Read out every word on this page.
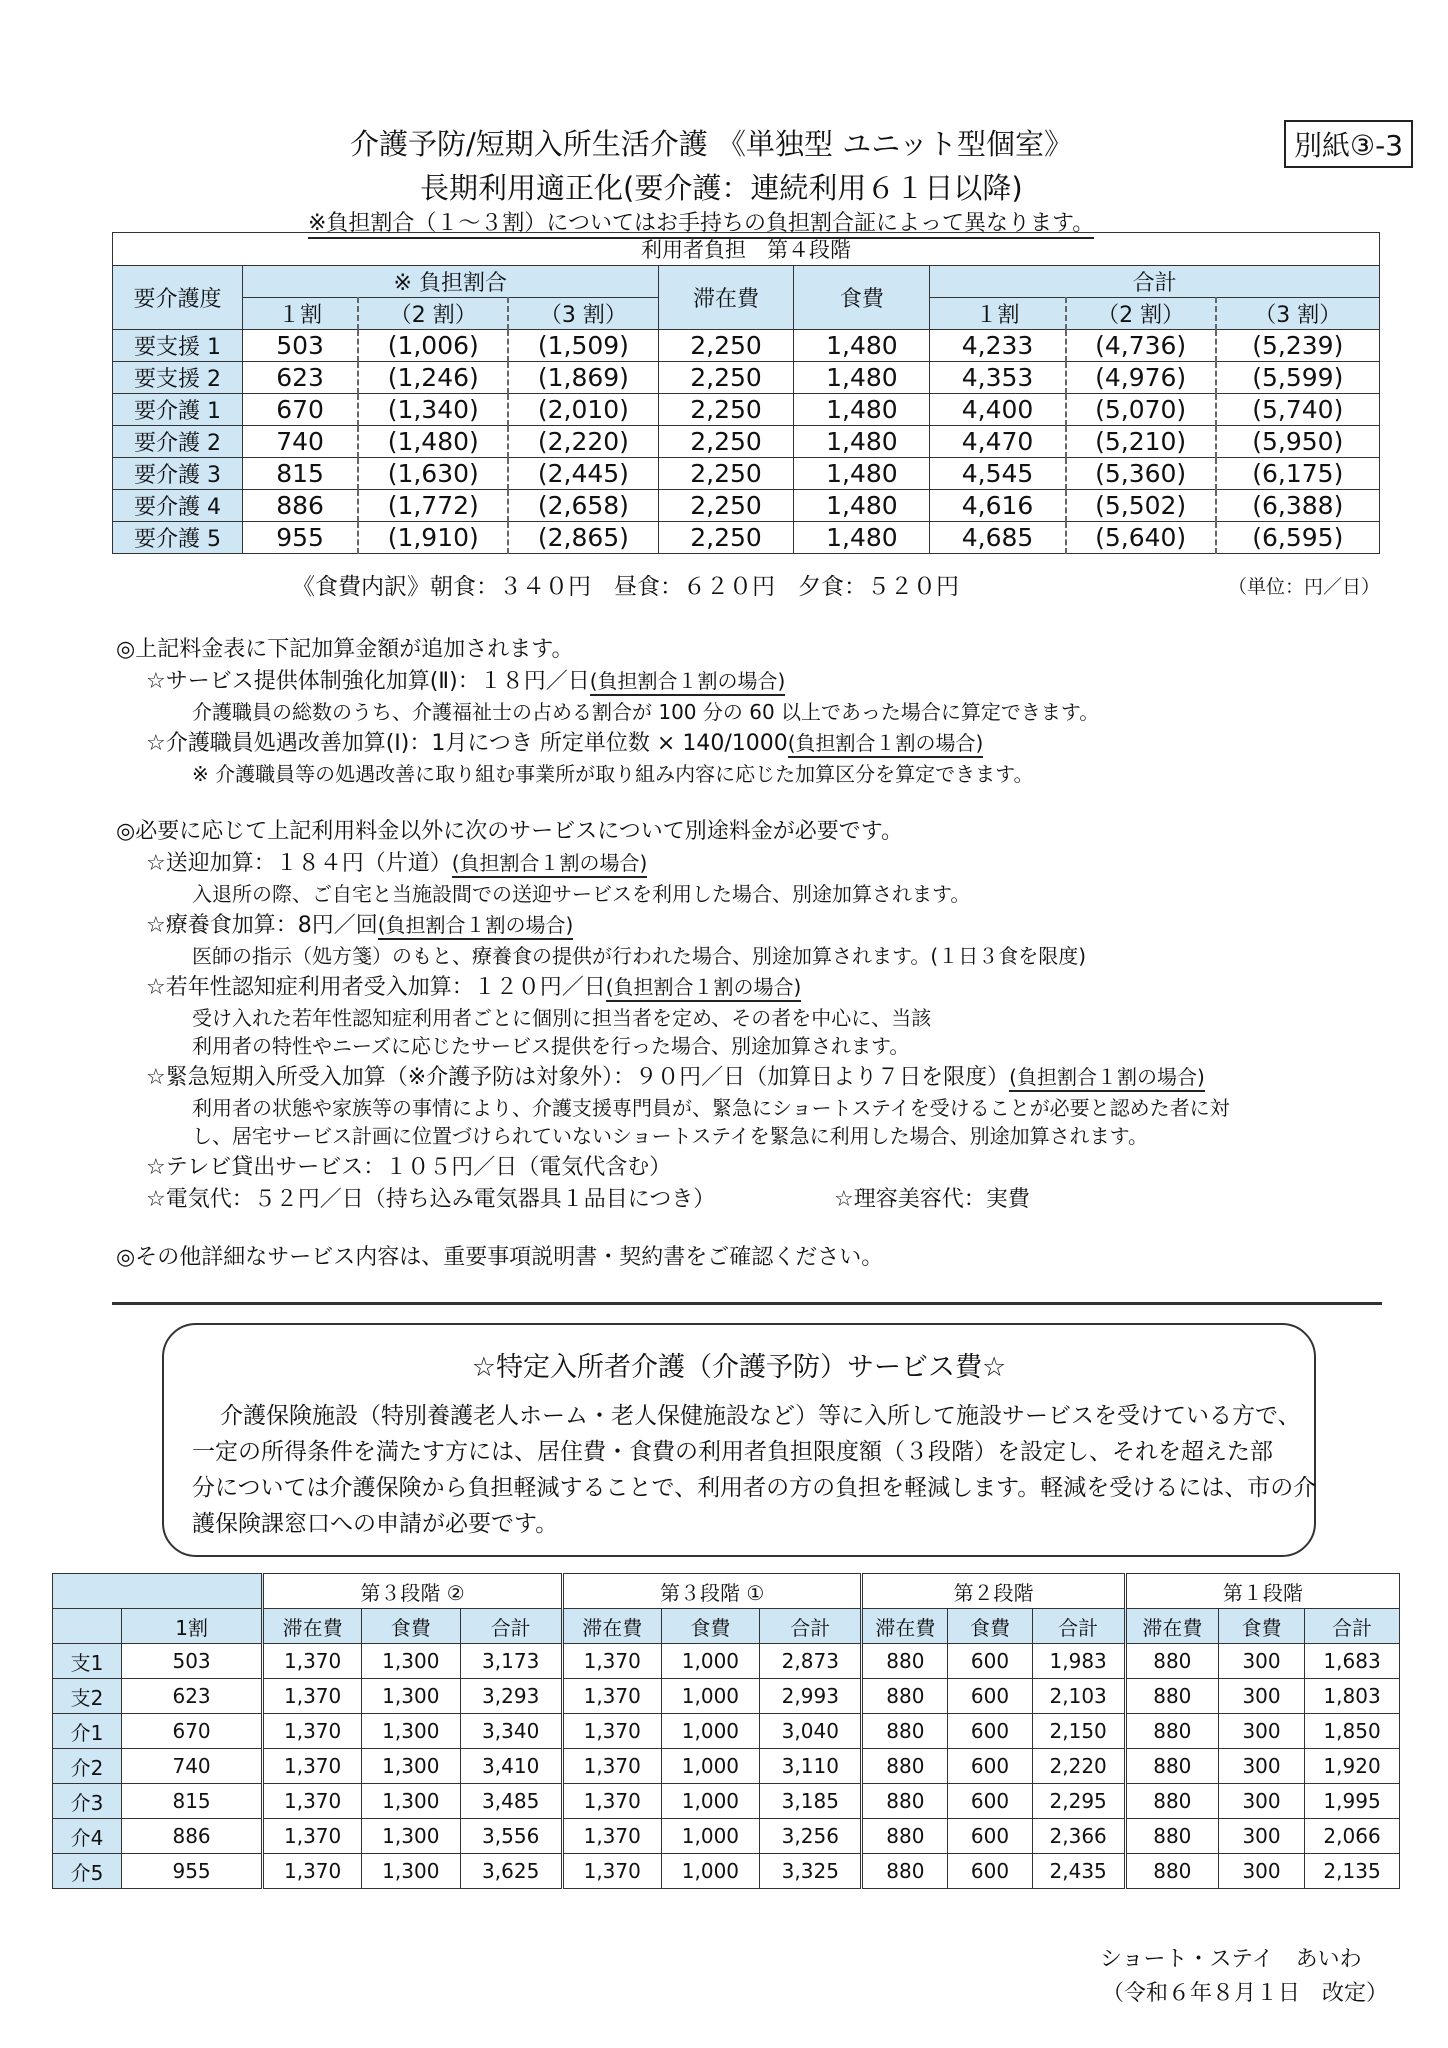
介護予防/短期入所生活介護 《単独型 ユニット型個室》	別紙③-3
長期利用適正化(要介護：連続利用６１日以降)
※負担割合（１～３割）についてはお手持ちの負担割合証によって異なります。
利用者負担　第４段階								
要介護度	※ 負担割合			滞在費	食費	合計		
	１割	（2 割）	（3 割）			１割	（2 割）	（3 割）
要支援 1	503	(1,006)	(1,509)	2,250	1,480	4,233	(4,736)	(5,239)
要支援 2	623	(1,246)	(1,869)	2,250	1,480	4,353	(4,976)	(5,599)
要介護 1	670	(1,340)	(2,010)	2,250	1,480	4,400	(5,070)	(5,740)
要介護 2	740	(1,480)	(2,220)	2,250	1,480	4,470	(5,210)	(5,950)
要介護 3	815	(1,630)	(2,445)	2,250	1,480	4,545	(5,360)	(6,175)
要介護 4	886	(1,772)	(2,658)	2,250	1,480	4,616	(5,502)	(6,388)
要介護 5	955	(1,910)	(2,865)	2,250	1,480	4,685	(5,640)	(6,595)
《食費内訳》朝食：３４０円　昼食：６２０円　夕食：５２０円	（単位：円／日）
◎上記料金表に下記加算金額が追加されます。
☆サービス提供体制強化加算(Ⅱ)：１８円／日(負担割合１割の場合)
介護職員の総数のうち、介護福祉士の占める割合が 100 分の 60 以上であった場合に算定できます。
☆介護職員処遇改善加算(Ⅰ)：1月につき 所定単位数 × 140/1000(負担割合１割の場合)
※ 介護職員等の処遇改善に取り組む事業所が取り組み内容に応じた加算区分を算定できます。
◎必要に応じて上記利用料金以外に次のサービスについて別途料金が必要です。
☆送迎加算：１８４円（片道）(負担割合１割の場合)
入退所の際、ご自宅と当施設間での送迎サービスを利用した場合、別途加算されます。
☆療養食加算：8円／回(負担割合１割の場合)
医師の指示（処方箋）のもと、療養食の提供が行われた場合、別途加算されます。(１日３食を限度)
☆若年性認知症利用者受入加算：１２０円／日(負担割合１割の場合)
受け入れた若年性認知症利用者ごとに個別に担当者を定め、その者を中心に、当該
利用者の特性やニーズに応じたサービス提供を行った場合、別途加算されます。
☆緊急短期入所受入加算（※介護予防は対象外）：９０円／日（加算日より７日を限度）(負担割合１割の場合)
利用者の状態や家族等の事情により、介護支援専門員が、緊急にショートステイを受けることが必要と認めた者に対
し、居宅サービス計画に位置づけられていないショートステイを緊急に利用した場合、別途加算されます。
☆テレビ貸出サービス：１０５円／日（電気代含む）
☆電気代：５２円／日（持ち込み電気器具１品目につき）	☆理容美容代：実費
◎その他詳細なサービス内容は、重要事項説明書・契約書をご確認ください。
☆特定入所者介護（介護予防）サービス費☆
介護保険施設（特別養護老人ホーム・老人保健施設など）等に入所して施設サービスを受けている方で、
一定の所得条件を満たす方には、居住費・食費の利用者負担限度額（３段階）を設定し、それを超えた部
分については介護保険から負担軽減することで、利用者の方の負担を軽減します。軽減を受けるには、市の介
護保険課窓口への申請が必要です。
		第３段階 ②			第３段階 ①			第２段階			第１段階		
	1割	滞在費	食費	合計	滞在費	食費	合計	滞在費	食費	合計	滞在費	食費	合計
支1	503	1,370	1,300	3,173	1,370	1,000	2,873	880	600	1,983	880	300	1,683
支2	623	1,370	1,300	3,293	1,370	1,000	2,993	880	600	2,103	880	300	1,803
介1	670	1,370	1,300	3,340	1,370	1,000	3,040	880	600	2,150	880	300	1,850
介2	740	1,370	1,300	3,410	1,370	1,000	3,110	880	600	2,220	880	300	1,920
介3	815	1,370	1,300	3,485	1,370	1,000	3,185	880	600	2,295	880	300	1,995
介4	886	1,370	1,300	3,556	1,370	1,000	3,256	880	600	2,366	880	300	2,066
介5	955	1,370	1,300	3,625	1,370	1,000	3,325	880	600	2,435	880	300	2,135
ショート・ステイ　あいわ
（令和６年８月１日　改定）
